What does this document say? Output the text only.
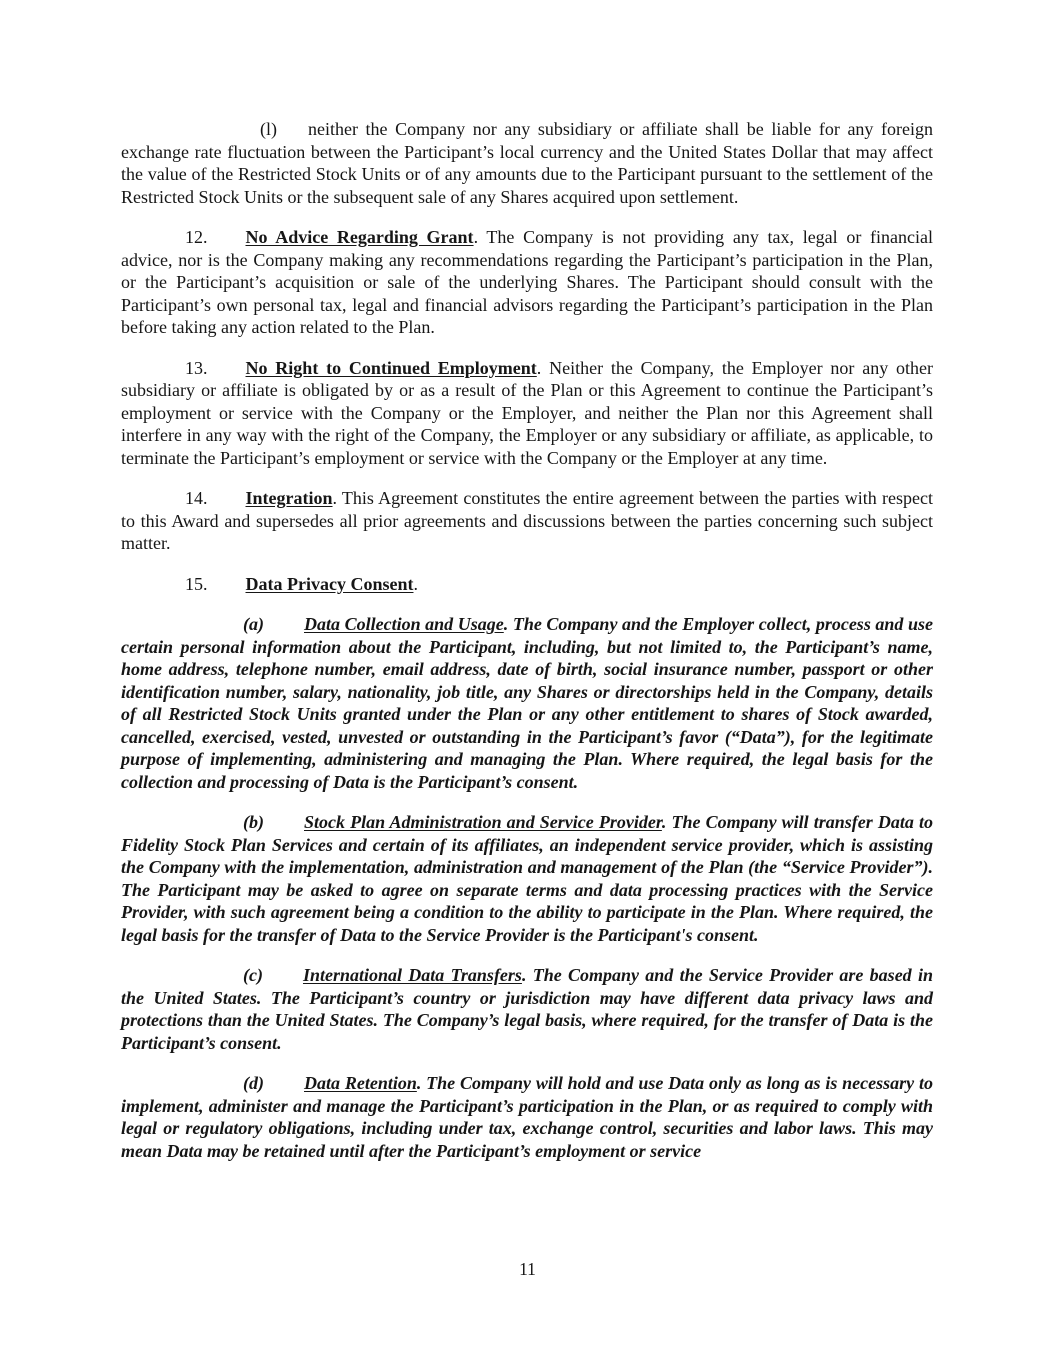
(l) neither the Company nor any subsidiary or affiliate shall be liable for any foreign exchange rate fluctuation between the Participant’s local currency and the United States Dollar that may affect the value of the Restricted Stock Units or of any amounts due to the Participant pursuant to the settlement of the Restricted Stock Units or the subsequent sale of any Shares acquired upon settlement.

12. No Advice Regarding Grant. The Company is not providing any tax, legal or financial advice, nor is the Company making any recommendations regarding the Participant’s participation in the Plan, or the Participant’s acquisition or sale of the underlying Shares. The Participant should consult with the Participant’s own personal tax, legal and financial advisors regarding the Participant’s participation in the Plan before taking any action related to the Plan.

13. No Right to Continued Employment. Neither the Company, the Employer nor any other subsidiary or affiliate is obligated by or as a result of the Plan or this Agreement to continue the Participant’s employment or service with the Company or the Employer, and neither the Plan nor this Agreement shall interfere in any way with the right of the Company, the Employer or any subsidiary or affiliate, as applicable, to terminate the Participant’s employment or service with the Company or the Employer at any time.

14. Integration. This Agreement constitutes the entire agreement between the parties with respect to this Award and supersedes all prior agreements and discussions between the parties concerning such subject matter.

15. Data Privacy Consent.

(a) Data Collection and Usage. The Company and the Employer collect, process and use certain personal information about the Participant, including, but not limited to, the Participant’s name, home address, telephone number, email address, date of birth, social insurance number, passport or other identification number, salary, nationality, job title, any Shares or directorships held in the Company, details of all Restricted Stock Units granted under the Plan or any other entitlement to shares of Stock awarded, cancelled, exercised, vested, unvested or outstanding in the Participant’s favor (“Data”), for the legitimate purpose of implementing, administering and managing the Plan. Where required, the legal basis for the collection and processing of Data is the Participant’s consent.

(b) Stock Plan Administration and Service Provider. The Company will transfer Data to Fidelity Stock Plan Services and certain of its affiliates, an independent service provider, which is assisting the Company with the implementation, administration and management of the Plan (the “Service Provider”). The Participant may be asked to agree on separate terms and data processing practices with the Service Provider, with such agreement being a condition to the ability to participate in the Plan. Where required, the legal basis for the transfer of Data to the Service Provider is the Participant's consent.

(c) International Data Transfers. The Company and the Service Provider are based in the United States. The Participant’s country or jurisdiction may have different data privacy laws and protections than the United States. The Company’s legal basis, where required, for the transfer of Data is the Participant’s consent.

(d) Data Retention. The Company will hold and use Data only as long as is necessary to implement, administer and manage the Participant’s participation in the Plan, or as required to comply with legal or regulatory obligations, including under tax, exchange control, securities and labor laws. This may mean Data may be retained until after the Participant’s employment or service

11
